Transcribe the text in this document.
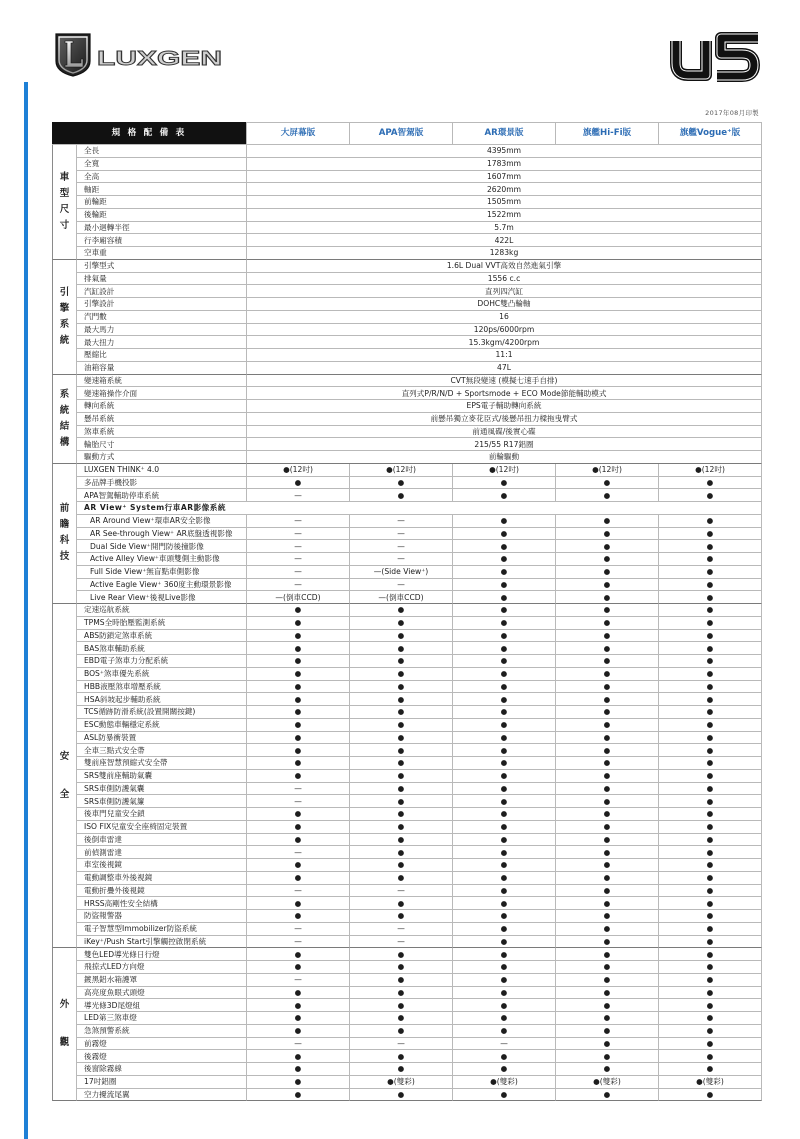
LUXGEN
2017年08月印製
規 格 配 備 表	大屏幕版	APA智駕版	AR環景版	旗艦Hi-Fi版	旗艦Vogue⁺版
車
型
尺
寸
全長	4395mm
全寬	1783mm
全高	1607mm
軸距	2620mm
前輪距	1505mm
後輪距	1522mm
最小迴轉半徑	5.7m
行李廂容積	422L
空車重	1283kg
引
擎
系
統
引擎型式	1.6L Dual VVT高效自然進氣引擎
排氣量	1556 c.c
汽缸設計	直列四汽缸
引擎設計	DOHC雙凸輪軸
汽門數	16
最大馬力	120ps/6000rpm
最大扭力	15.3kgm/4200rpm
壓縮比	11:1
油箱容量	47L
系
統
結
構
變速箱系統	CVT無段變速 (模擬七速手自排)
變速箱操作介面	直列式P/R/N/D + Sportsmode + ECO Mode節能輔助模式
轉向系統	EPS電子輔助轉向系統
懸吊系統	前懸吊獨立麥花臣式/後懸吊扭力樑拖曳臂式
煞車系統	前通風碟/後實心碟
輪胎尺寸	215/55 R17鋁圈
驅動方式	前輪驅動
前
瞻
科
技
LUXGEN THINK⁺ 4.0	●(12吋)	●(12吋)	●(12吋)	●(12吋)	●(12吋)
多品牌手機投影	●	●	●	●	●
APA智駕輔助停車系統	—	●	●	●	●
AR View⁺ System行車AR影像系統
AR Around View⁺環車AR安全影像	—	—	●	●	●
AR See-through View⁺ AR底盤透視影像	—	—	●	●	●
Dual Side View⁺開門防後撞影像	—	—	●	●	●
Active Alley View⁺車頭雙側主動影像	—	—	●	●	●
Full Side View⁺無盲點車側影像	—	—(Side View⁺)	●	●	●
Active Eagle View⁺ 360度主動環景影像	—	—	●	●	●
Live Rear View⁺後視Live影像	—(倒車CCD)	—(倒車CCD)	●	●	●
安
全
定速巡航系統	●	●	●	●	●
TPMS全時胎壓監測系統	●	●	●	●	●
ABS防鎖定煞車系統	●	●	●	●	●
BAS煞車輔助系統	●	●	●	●	●
EBD電子煞車力分配系統	●	●	●	●	●
BOS⁺煞車優先系統	●	●	●	●	●
HBB液壓煞車增壓系統	●	●	●	●	●
HSA斜坡起步輔助系統	●	●	●	●	●
TCS循跡防滑系統(設置開關按鍵)	●	●	●	●	●
ESC動態車輛穩定系統	●	●	●	●	●
ASL防暴衝裝置	●	●	●	●	●
全車三點式安全帶	●	●	●	●	●
雙前座智慧預縮式安全帶	●	●	●	●	●
SRS雙前座輔助氣囊	●	●	●	●	●
SRS車側防護氣囊	—	●	●	●	●
SRS車側防護氣簾	—	●	●	●	●
後車門兒童安全鎖	●	●	●	●	●
ISO FIX兒童安全座椅固定裝置	●	●	●	●	●
後倒車雷達	●	●	●	●	●
前偵測雷達	—	●	●	●	●
車室後視鏡	●	●	●	●	●
電動調整車外後視鏡	●	●	●	●	●
電動折疊外後視鏡	—	—	●	●	●
HRSS高剛性安全結構	●	●	●	●	●
防盜報警器	●	●	●	●	●
電子智慧型Immobilizer防盜系統	—	—	●	●	●
iKey⁺/Push Start引擎觸控啟閉系統	—	—	●	●	●
外
觀
雙色LED導光條日行燈	●	●	●	●	●
飛掠式LED方向燈	●	●	●	●	●
鍍黑鋁水箱護罩	—	●	●	●	●
高亮度魚眼式頭燈	●	●	●	●	●
導光條3D尾燈組	●	●	●	●	●
LED第三煞車燈	●	●	●	●	●
急煞預警系統	●	●	●	●	●
前霧燈	—	—	—	●	●
後霧燈	●	●	●	●	●
後窗除霧線	●	●	●	●	●
17吋鋁圈	●	●(雙彩)	●(雙彩)	●(雙彩)	●(雙彩)
空力擾流尾翼	●	●	●	●	●
